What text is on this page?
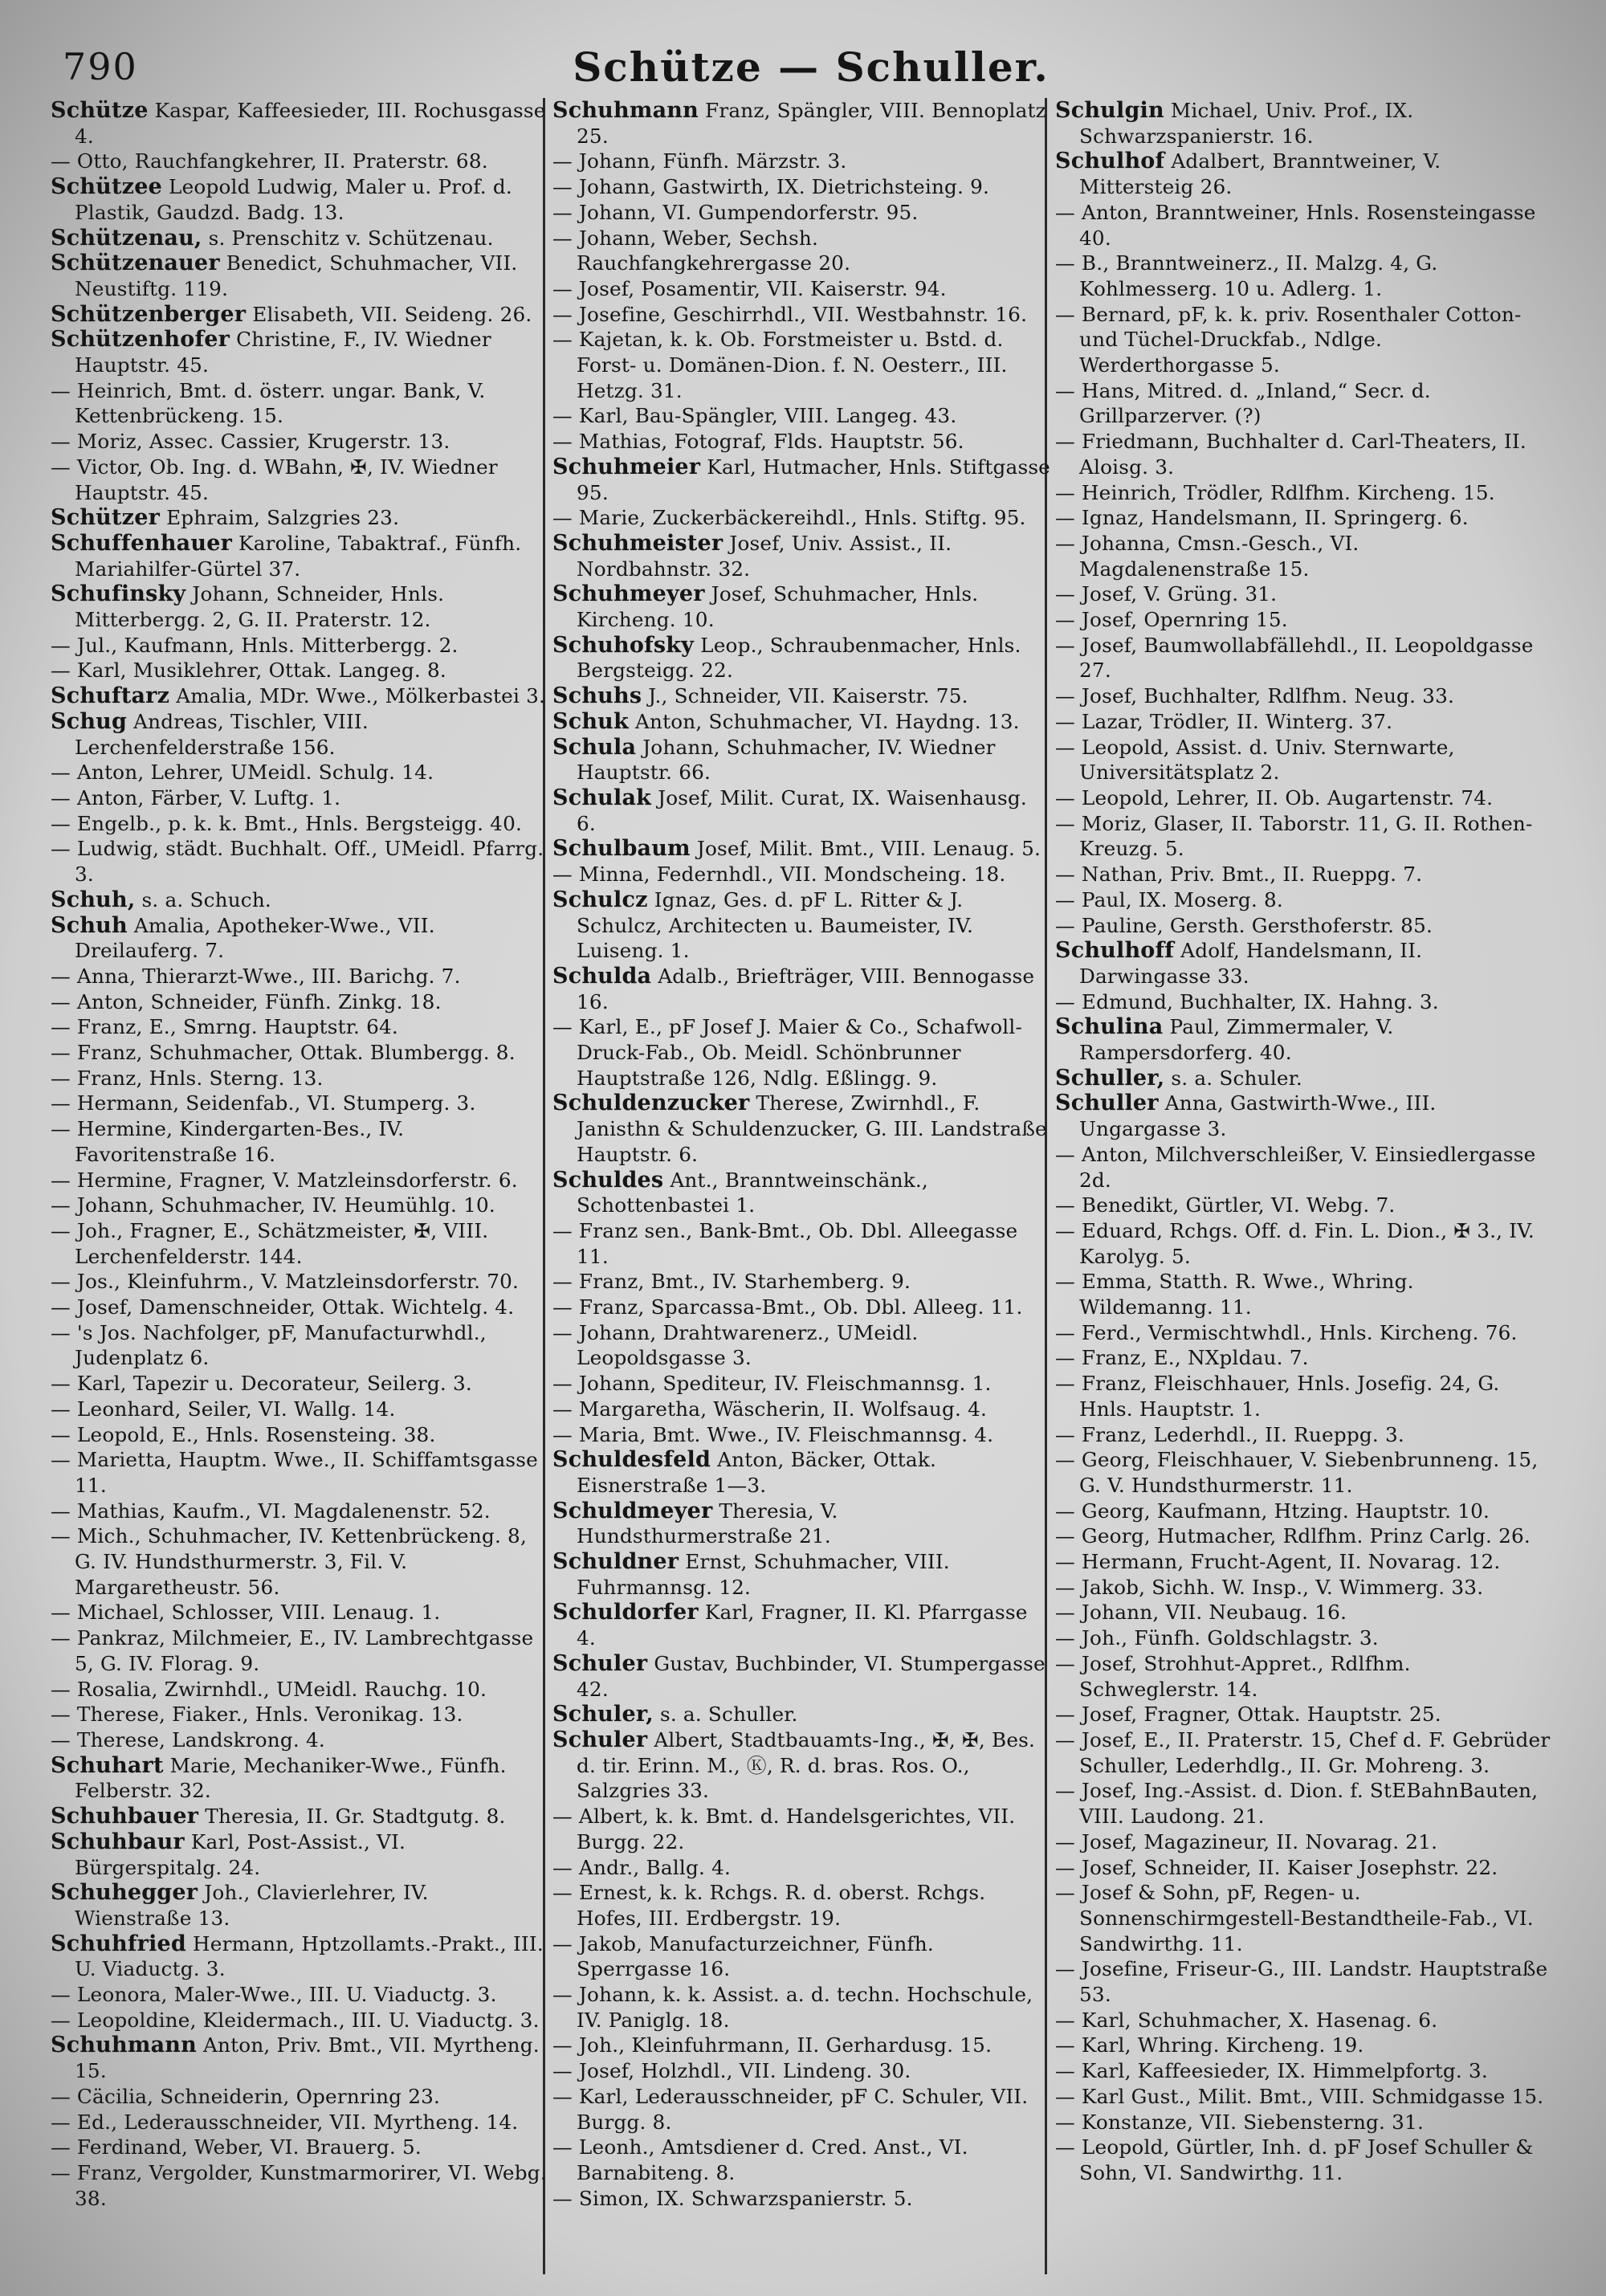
790	Schütze — Schuller.
Schütze Kaspar, Kaffeesieder, III. Rochusgasse 4.
— Otto, Rauchfangkehrer, II. Praterstr. 68.
Schützee Leopold Ludwig, Maler u. Prof. d. Plastik, Gaudzd. Badg. 13.
Schützenau, s. Prenschitz v. Schützenau.
Schützenauer Benedict, Schuhmacher, VII. Neustiftg. 119.
Schützenberger Elisabeth, VII. Seideng. 26.
Schützenhofer Christine, F., IV. Wiedner Hauptstr. 45.
— Heinrich, Bmt. d. österr. ungar. Bank, V. Kettenbrückeng. 15.
— Moriz, Assec. Cassier, Krugerstr. 13.
— Victor, Ob. Ing. d. WBahn, ✠, IV. Wiedner Hauptstr. 45.
Schützer Ephraim, Salzgries 23.
Schuffenhauer Karoline, Tabaktraf., Fünfh. Mariahilfer-Gürtel 37.
Schufinsky Johann, Schneider, Hnls. Mitterbergg. 2, G. II. Praterstr. 12.
— Jul., Kaufmann, Hnls. Mitterbergg. 2.
— Karl, Musiklehrer, Ottak. Langeg. 8.
Schuftarz Amalia, MDr. Wwe., Mölkerbastei 3.
Schug Andreas, Tischler, VIII. Lerchenfelderstraße 156.
— Anton, Lehrer, UMeidl. Schulg. 14.
— Anton, Färber, V. Luftg. 1.
— Engelb., p. k. k. Bmt., Hnls. Bergsteigg. 40.
— Ludwig, städt. Buchhalt. Off., UMeidl. Pfarrg. 3.
Schuh, s. a. Schuch.
Schuh Amalia, Apotheker-Wwe., VII. Dreilauferg. 7.
— Anna, Thierarzt-Wwe., III. Barichg. 7.
— Anton, Schneider, Fünfh. Zinkg. 18.
— Franz, E., Smrng. Hauptstr. 64.
— Franz, Schuhmacher, Ottak. Blumbergg. 8.
— Franz, Hnls. Sterng. 13.
— Hermann, Seidenfab., VI. Stumperg. 3.
— Hermine, Kindergarten-Bes., IV. Favoritenstraße 16.
— Hermine, Fragner, V. Matzleinsdorferstr. 6.
— Johann, Schuhmacher, IV. Heumühlg. 10.
— Joh., Fragner, E., Schätzmeister, ✠, VIII. Lerchenfelderstr. 144.
— Jos., Kleinfuhrm., V. Matzleinsdorferstr. 70.
— Josef, Damenschneider, Ottak. Wichtelg. 4.
— 's Jos. Nachfolger, pF, Manufacturwhdl., Judenplatz 6.
— Karl, Tapezir u. Decorateur, Seilerg. 3.
— Leonhard, Seiler, VI. Wallg. 14.
— Leopold, E., Hnls. Rosensteing. 38.
— Marietta, Hauptm. Wwe., II. Schiffamtsgasse 11.
— Mathias, Kaufm., VI. Magdalenenstr. 52.
— Mich., Schuhmacher, IV. Kettenbrückeng. 8, G. IV. Hundsthurmerstr. 3, Fil. V. Margaretheustr. 56.
— Michael, Schlosser, VIII. Lenaug. 1.
— Pankraz, Milchmeier, E., IV. Lambrechtgasse 5, G. IV. Florag. 9.
— Rosalia, Zwirnhdl., UMeidl. Rauchg. 10.
— Therese, Fiaker., Hnls. Veronikag. 13.
— Therese, Landskrong. 4.
Schuhart Marie, Mechaniker-Wwe., Fünfh. Felberstr. 32.
Schuhbauer Theresia, II. Gr. Stadtgutg. 8.
Schuhbaur Karl, Post-Assist., VI. Bürgerspitalg. 24.
Schuhegger Joh., Clavierlehrer, IV. Wienstraße 13.
Schuhfried Hermann, Hptzollamts.-Prakt., III. U. Viaductg. 3.
— Leonora, Maler-Wwe., III. U. Viaductg. 3.
— Leopoldine, Kleidermach., III. U. Viaductg. 3.
Schuhmann Anton, Priv. Bmt., VII. Myrtheng. 15.
— Cäcilia, Schneiderin, Opernring 23.
— Ed., Lederausschneider, VII. Myrtheng. 14.
— Ferdinand, Weber, VI. Brauerg. 5.
— Franz, Vergolder, Kunstmarmorirer, VI. Webg. 38.
Schuhmann Franz, Spängler, VIII. Bennoplatz 25.
— Johann, Fünfh. Märzstr. 3.
— Johann, Gastwirth, IX. Dietrichsteing. 9.
— Johann, VI. Gumpendorferstr. 95.
— Johann, Weber, Sechsh. Rauchfangkehrergasse 20.
— Josef, Posamentir, VII. Kaiserstr. 94.
— Josefine, Geschirrhdl., VII. Westbahnstr. 16.
— Kajetan, k. k. Ob. Forstmeister u. Bstd. d. Forst- u. Domänen-Dion. f. N. Oesterr., III. Hetzg. 31.
— Karl, Bau-Spängler, VIII. Langeg. 43.
— Mathias, Fotograf, Flds. Hauptstr. 56.
Schuhmeier Karl, Hutmacher, Hnls. Stiftgasse 95.
— Marie, Zuckerbäckereihdl., Hnls. Stiftg. 95.
Schuhmeister Josef, Univ. Assist., II. Nordbahnstr. 32.
Schuhmeyer Josef, Schuhmacher, Hnls. Kircheng. 10.
Schuhofsky Leop., Schraubenmacher, Hnls. Bergsteigg. 22.
Schuhs J., Schneider, VII. Kaiserstr. 75.
Schuk Anton, Schuhmacher, VI. Haydng. 13.
Schula Johann, Schuhmacher, IV. Wiedner Hauptstr. 66.
Schulak Josef, Milit. Curat, IX. Waisenhausg. 6.
Schulbaum Josef, Milit. Bmt., VIII. Lenaug. 5.
— Minna, Federnhdl., VII. Mondscheing. 18.
Schulcz Ignaz, Ges. d. pF L. Ritter & J. Schulcz, Architecten u. Baumeister, IV. Luiseng. 1.
Schulda Adalb., Briefträger, VIII. Bennogasse 16.
— Karl, E., pF Josef J. Maier & Co., Schafwoll-Druck-Fab., Ob. Meidl. Schönbrunner Hauptstraße 126, Ndlg. Eßlingg. 9.
Schuldenzucker Therese, Zwirnhdl., F. Janisthn & Schuldenzucker, G. III. Landstraße Hauptstr. 6.
Schuldes Ant., Branntweinschänk., Schottenbastei 1.
— Franz sen., Bank-Bmt., Ob. Dbl. Alleegasse 11.
— Franz, Bmt., IV. Starhemberg. 9.
— Franz, Sparcassa-Bmt., Ob. Dbl. Alleeg. 11.
— Johann, Drahtwarenerz., UMeidl. Leopoldsgasse 3.
— Johann, Spediteur, IV. Fleischmannsg. 1.
— Margaretha, Wäscherin, II. Wolfsaug. 4.
— Maria, Bmt. Wwe., IV. Fleischmannsg. 4.
Schuldesfeld Anton, Bäcker, Ottak. Eisnerstraße 1—3.
Schuldmeyer Theresia, V. Hundsthurmerstraße 21.
Schuldner Ernst, Schuhmacher, VIII. Fuhrmannsg. 12.
Schuldorfer Karl, Fragner, II. Kl. Pfarrgasse 4.
Schuler Gustav, Buchbinder, VI. Stumpergasse 42.
Schuler, s. a. Schuller.
Schuler Albert, Stadtbauamts-Ing., ✠, ✠, Bes. d. tir. Erinn. M., Ⓚ, R. d. bras. Ros. O., Salzgries 33.
— Albert, k. k. Bmt. d. Handelsgerichtes, VII. Burgg. 22.
— Andr., Ballg. 4.
— Ernest, k. k. Rchgs. R. d. oberst. Rchgs. Hofes, III. Erdbergstr. 19.
— Jakob, Manufacturzeichner, Fünfh. Sperrgasse 16.
— Johann, k. k. Assist. a. d. techn. Hochschule, IV. Paniglg. 18.
— Joh., Kleinfuhrmann, II. Gerhardusg. 15.
— Josef, Holzhdl., VII. Lindeng. 30.
— Karl, Lederausschneider, pF C. Schuler, VII. Burgg. 8.
— Leonh., Amtsdiener d. Cred. Anst., VI. Barnabiteng. 8.
— Simon, IX. Schwarzspanierstr. 5.
Schulgin Michael, Univ. Prof., IX. Schwarzspanierstr. 16.
Schulhof Adalbert, Branntweiner, V. Mittersteig 26.
— Anton, Branntweiner, Hnls. Rosensteingasse 40.
— B., Branntweinerz., II. Malzg. 4, G. Kohlmesserg. 10 u. Adlerg. 1.
— Bernard, pF, k. k. priv. Rosenthaler Cotton- und Tüchel-Druckfab., Ndlge. Werderthorgasse 5.
— Hans, Mitred. d. „Inland,“ Secr. d. Grillparzerver. (?)
— Friedmann, Buchhalter d. Carl-Theaters, II. Aloisg. 3.
— Heinrich, Trödler, Rdlfhm. Kircheng. 15.
— Ignaz, Handelsmann, II. Springerg. 6.
— Johanna, Cmsn.-Gesch., VI. Magdalenenstraße 15.
— Josef, V. Grüng. 31.
— Josef, Opernring 15.
— Josef, Baumwollabfällehdl., II. Leopoldgasse 27.
— Josef, Buchhalter, Rdlfhm. Neug. 33.
— Lazar, Trödler, II. Winterg. 37.
— Leopold, Assist. d. Univ. Sternwarte, Universitätsplatz 2.
— Leopold, Lehrer, II. Ob. Augartenstr. 74.
— Moriz, Glaser, II. Taborstr. 11, G. II. Rothen-Kreuzg. 5.
— Nathan, Priv. Bmt., II. Rueppg. 7.
— Paul, IX. Moserg. 8.
— Pauline, Gersth. Gersthoferstr. 85.
Schulhoff Adolf, Handelsmann, II. Darwingasse 33.
— Edmund, Buchhalter, IX. Hahng. 3.
Schulina Paul, Zimmermaler, V. Rampersdorferg. 40.
Schuller, s. a. Schuler.
Schuller Anna, Gastwirth-Wwe., III. Ungargasse 3.
— Anton, Milchverschleißer, V. Einsiedlergasse 2d.
— Benedikt, Gürtler, VI. Webg. 7.
— Eduard, Rchgs. Off. d. Fin. L. Dion., ✠ 3., IV. Karolyg. 5.
— Emma, Statth. R. Wwe., Whring. Wildemanng. 11.
— Ferd., Vermischtwhdl., Hnls. Kircheng. 76.
— Franz, E., NXpldau. 7.
— Franz, Fleischhauer, Hnls. Josefig. 24, G. Hnls. Hauptstr. 1.
— Franz, Lederhdl., II. Rueppg. 3.
— Georg, Fleischhauer, V. Siebenbrunneng. 15, G. V. Hundsthurmerstr. 11.
— Georg, Kaufmann, Htzing. Hauptstr. 10.
— Georg, Hutmacher, Rdlfhm. Prinz Carlg. 26.
— Hermann, Frucht-Agent, II. Novarag. 12.
— Jakob, Sichh. W. Insp., V. Wimmerg. 33.
— Johann, VII. Neubaug. 16.
— Joh., Fünfh. Goldschlagstr. 3.
— Josef, Strohhut-Appret., Rdlfhm. Schweglerstr. 14.
— Josef, Fragner, Ottak. Hauptstr. 25.
— Josef, E., II. Praterstr. 15, Chef d. F. Gebrüder Schuller, Lederhdlg., II. Gr. Mohreng. 3.
— Josef, Ing.-Assist. d. Dion. f. StEBahnBauten, VIII. Laudong. 21.
— Josef, Magazineur, II. Novarag. 21.
— Josef, Schneider, II. Kaiser Josephstr. 22.
— Josef & Sohn, pF, Regen- u. Sonnenschirmgestell-Bestandtheile-Fab., VI. Sandwirthg. 11.
— Josefine, Friseur-G., III. Landstr. Hauptstraße 53.
— Karl, Schuhmacher, X. Hasenag. 6.
— Karl, Whring. Kircheng. 19.
— Karl, Kaffeesieder, IX. Himmelpfortg. 3.
— Karl Gust., Milit. Bmt., VIII. Schmidgasse 15.
— Konstanze, VII. Siebensterng. 31.
— Leopold, Gürtler, Inh. d. pF Josef Schuller & Sohn, VI. Sandwirthg. 11.
